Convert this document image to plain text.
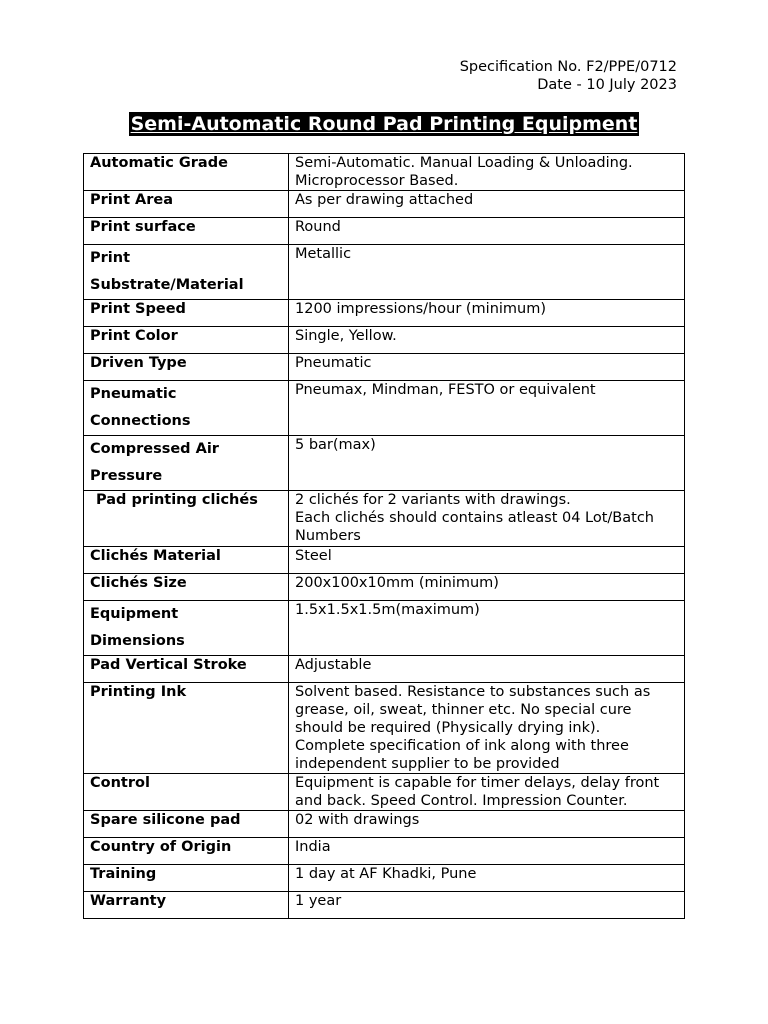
Specification No. F2/PPE/0712
Date - 10 July 2023
Semi-Automatic Round Pad Printing Equipment
Automatic Grade	Semi-Automatic. Manual Loading & Unloading.
Microprocessor Based.

Print Area	As per drawing attached

Print surface	Round

Print
Substrate/Material	Metallic

Print Speed	1200 impressions/hour (minimum)

Print Color	Single, Yellow.

Driven Type	Pneumatic

Pneumatic
Connections	Pneumax, Mindman, FESTO or equivalent

Compressed Air
Pressure	5 bar(max)

Pad printing clichés	2 clichés for 2 variants with drawings.
Each clichés should contains atleast 04 Lot/Batch
Numbers

Clichés Material	Steel

Clichés Size	200x100x10mm (minimum)

Equipment
Dimensions	1.5x1.5x1.5m(maximum)

Pad Vertical Stroke	Adjustable

Printing Ink	Solvent based. Resistance to substances such as
grease, oil, sweat, thinner etc. No special cure
should be required (Physically drying ink).
Complete specification of ink along with three
independent supplier to be provided

Control	Equipment is capable for timer delays, delay front
and back. Speed Control. Impression Counter.

Spare silicone pad	02 with drawings

Country of Origin	India

Training	1 day at AF Khadki, Pune

Warranty	1 year
